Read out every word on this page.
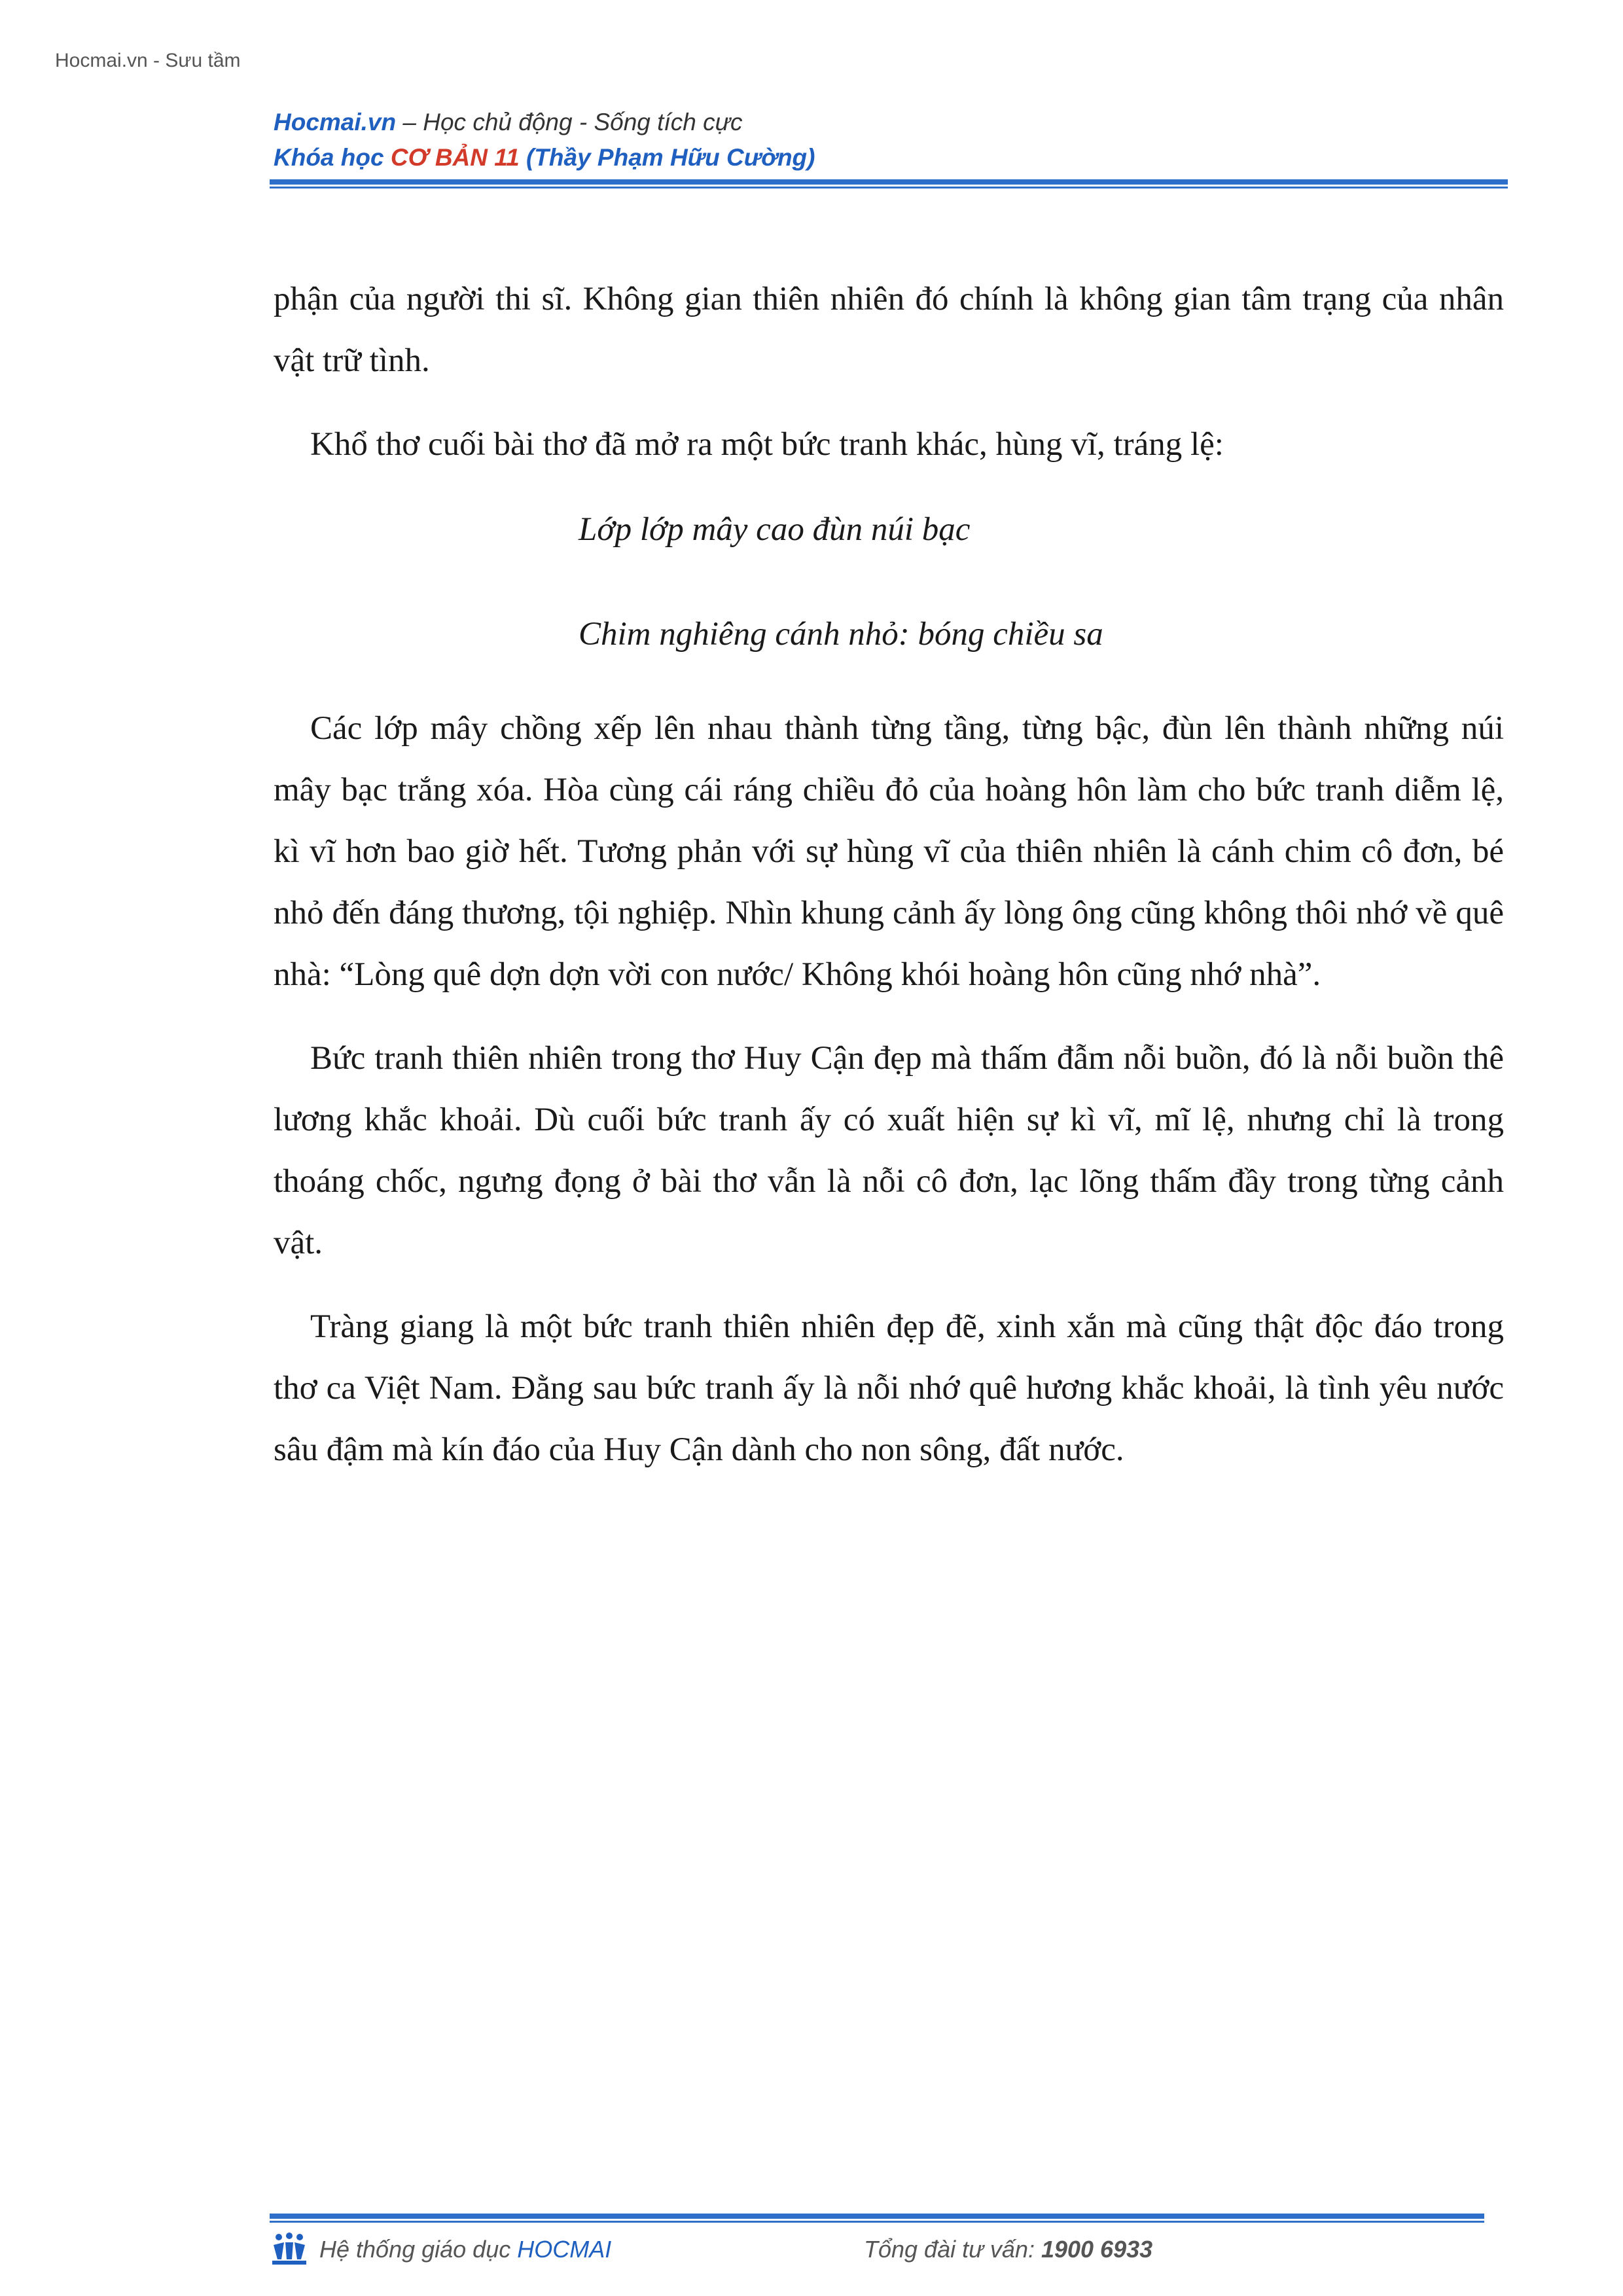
Hocmai.vn - Sưu tầm
Hocmai.vn – Học chủ động - Sống tích cực
Khóa học CƠ BẢN 11 (Thầy Phạm Hữu Cường)

phận của người thi sĩ. Không gian thiên nhiên đó chính là không gian tâm trạng của nhân vật trữ tình.

Khổ thơ cuối bài thơ đã mở ra một bức tranh khác, hùng vĩ, tráng lệ:

Lớp lớp mây cao đùn núi bạc

Chim nghiêng cánh nhỏ: bóng chiều sa

Các lớp mây chồng xếp lên nhau thành từng tầng, từng bậc, đùn lên thành những núi mây bạc trắng xóa. Hòa cùng cái ráng chiều đỏ của hoàng hôn làm cho bức tranh diễm lệ, kì vĩ hơn bao giờ hết. Tương phản với sự hùng vĩ của thiên nhiên là cánh chim cô đơn, bé nhỏ đến đáng thương, tội nghiệp. Nhìn khung cảnh ấy lòng ông cũng không thôi nhớ về quê nhà: “Lòng quê dợn dợn vời con nước/ Không khói hoàng hôn cũng nhớ nhà”.

Bức tranh thiên nhiên trong thơ Huy Cận đẹp mà thấm đẫm nỗi buồn, đó là nỗi buồn thê lương khắc khoải. Dù cuối bức tranh ấy có xuất hiện sự kì vĩ, mĩ lệ, nhưng chỉ là trong thoáng chốc, ngưng đọng ở bài thơ vẫn là nỗi cô đơn, lạc lõng thấm đầy trong từng cảnh vật.

Tràng giang là một bức tranh thiên nhiên đẹp đẽ, xinh xắn mà cũng thật độc đáo trong thơ ca Việt Nam. Đằng sau bức tranh ấy là nỗi nhớ quê hương khắc khoải, là tình yêu nước sâu đậm mà kín đáo của Huy Cận dành cho non sông, đất nước.

Hệ thống giáo dục HOCMAI	Tổng đài tư vấn: 1900 6933
